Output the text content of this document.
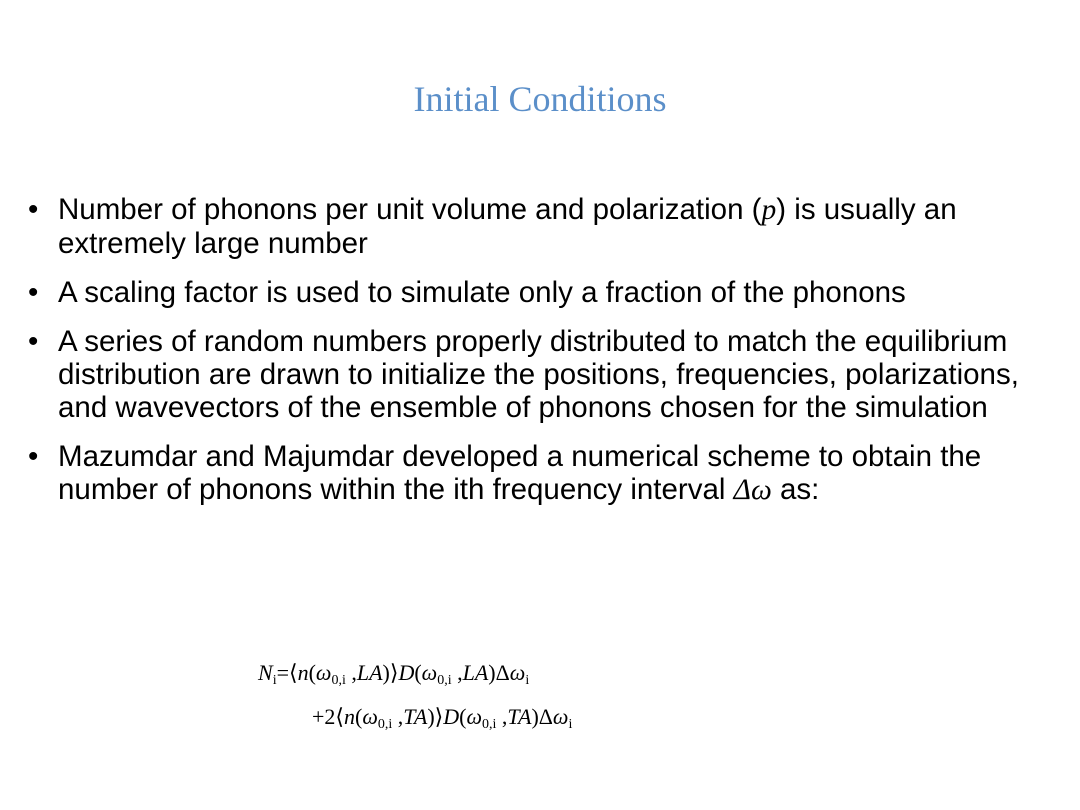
Initial Conditions
• Number of phonons per unit volume and polarization (p) is usually an extremely large number
• A scaling factor is used to simulate only a fraction of the phonons
• A series of random numbers properly distributed to match the equilibrium distribution are drawn to initialize the positions, frequencies, polarizations, and wavevectors of the ensemble of phonons chosen for the simulation
• Mazumdar and Majumdar developed a numerical scheme to obtain the number of phonons within the ith frequency interval Δω as:
$N_i=⟨n(\omega_{0,i}$ $,LA)⟩D(\omega_{0,i}$ $,LA)\Delta\omega_i$
$+2⟨n(\omega_{0,i}$ $,TA)⟩D(\omega_{0,i}$ $,TA)\Delta\omega_i$
